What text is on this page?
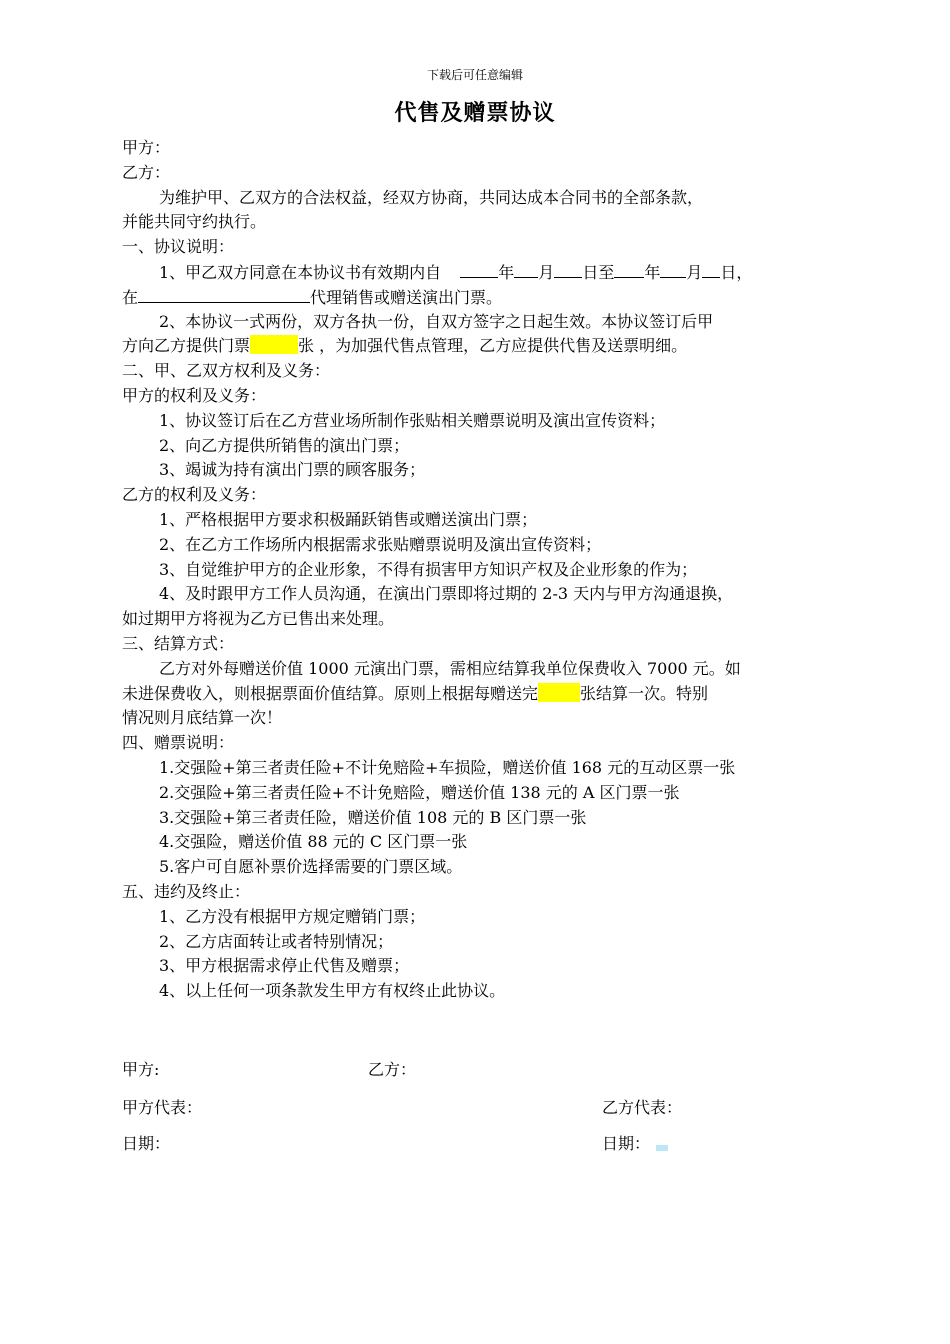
下载后可任意编辑
代售及赠票协议
甲方：
乙方：
为维护甲、乙双方的合法权益，经双方协商，共同达成本合同书的全部条款，
并能共同守约执行。
一、协议说明：
1、甲乙双方同意在本协议书有效期内自	年 月 日至 年 月 日，
在	代理销售或赠送演出门票。
2、本协议一式两份，双方各执一份，自双方签字之日起生效。本协议签订后甲
方向乙方提供门票	张 ，为加强代售点管理，乙方应提供代售及送票明细。
二、甲、乙双方权利及义务：
甲方的权利及义务：
1、协议签订后在乙方营业场所制作张贴相关赠票说明及演出宣传资料；
2、向乙方提供所销售的演出门票；
3、竭诚为持有演出门票的顾客服务；
乙方的权利及义务：
1、严格根据甲方要求积极踊跃销售或赠送演出门票；
2、在乙方工作场所内根据需求张贴赠票说明及演出宣传资料；
3、自觉维护甲方的企业形象，不得有损害甲方知识产权及企业形象的作为；
4、及时跟甲方工作人员沟通，在演出门票即将过期的 2-3 天内与甲方沟通退换，
如过期甲方将视为乙方已售出来处理。
三、结算方式：
乙方对外每赠送价值 1000 元演出门票，需相应结算我单位保费收入 7000 元。如
未进保费收入，则根据票面价值结算。原则上根据每赠送完	张结算一次。特别
情况则月底结算一次！
四、赠票说明：
1.交强险+第三者责任险+不计免赔险+车损险，赠送价值 168 元的互动区票一张
2.交强险+第三者责任险+不计免赔险，赠送价值 138 元的 A 区门票一张
3.交强险+第三者责任险，赠送价值 108 元的 B 区门票一张
4.交强险，赠送价值 88 元的 C 区门票一张
5.客户可自愿补票价选择需要的门票区域。
五、违约及终止：
1、乙方没有根据甲方规定赠销门票；
2、乙方店面转让或者特别情况；
3、甲方根据需求停止代售及赠票；
4、以上任何一项条款发生甲方有权终止此协议。
甲方:	乙方：
甲方代表：	乙方代表：
日期：	日期：
